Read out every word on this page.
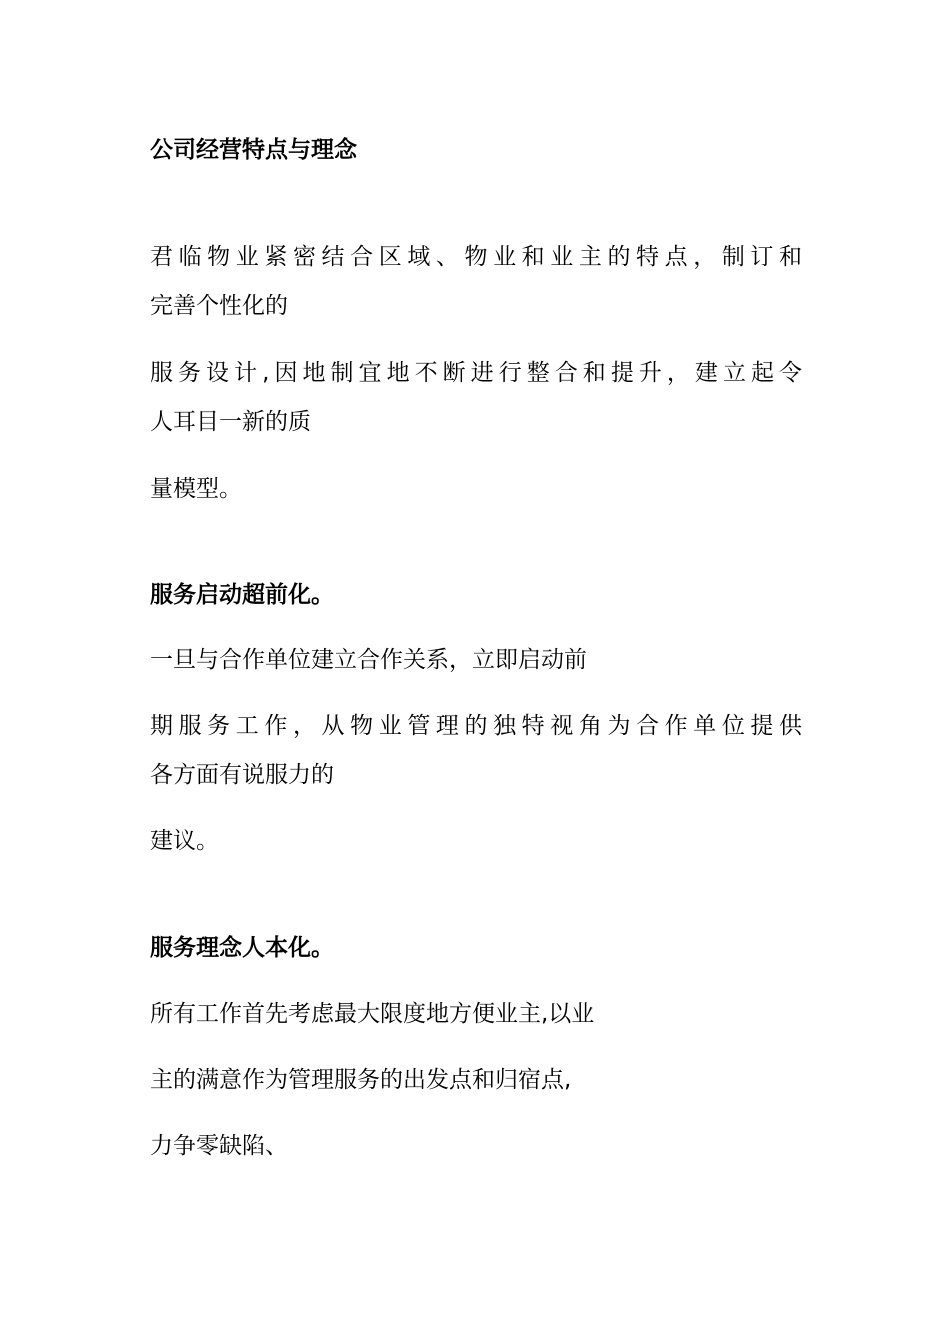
公司经营特点与理念

君临物业紧密结合区域、物业和业主的特点，制订和

完善个性化的

服务设计,因地制宜地不断进行整合和提升，建立起令

人耳目一新的质

量模型。

服务启动超前化。

一旦与合作单位建立合作关系，立即启动前

期服务工作，从物业管理的独特视角为合作单位提供

各方面有说服力的

建议。

服务理念人本化。

所有工作首先考虑最大限度地方便业主,以业

主的满意作为管理服务的出发点和归宿点,

力争零缺陷、
